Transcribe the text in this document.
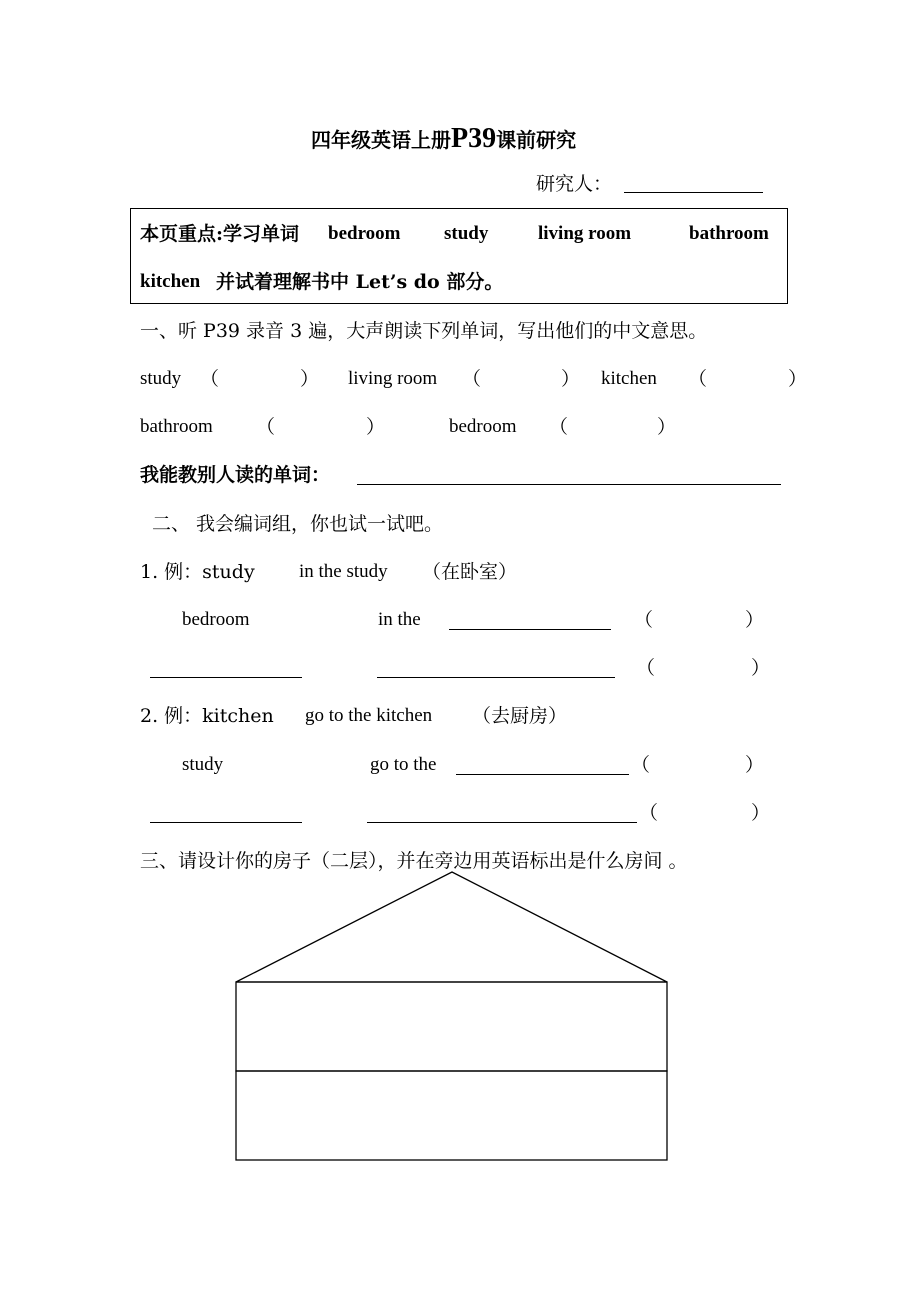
四年级英语上册P39课前研究
研究人：
本页重点:学习单词 bedroom study	living room	bathroom
kitchen 并试着理解书中 Let’s do 部分。
一、听 P39 录音 3 遍，大声朗读下列单词，写出他们的中文意思。
study （	） living room （	） kitchen （	）
bathroom （	）	bedroom （	）
我能教别人读的单词：
二、 我会编词组，你也试一试吧。
1. 例：study in the study （在卧室）
bedroom	in the	（	）
（	）
2. 例：kitchen go to the kitchen （去厨房）
study	go to the	（	）
（	）
三、请设计你的房子（二层），并在旁边用英语标出是什么房间 。
